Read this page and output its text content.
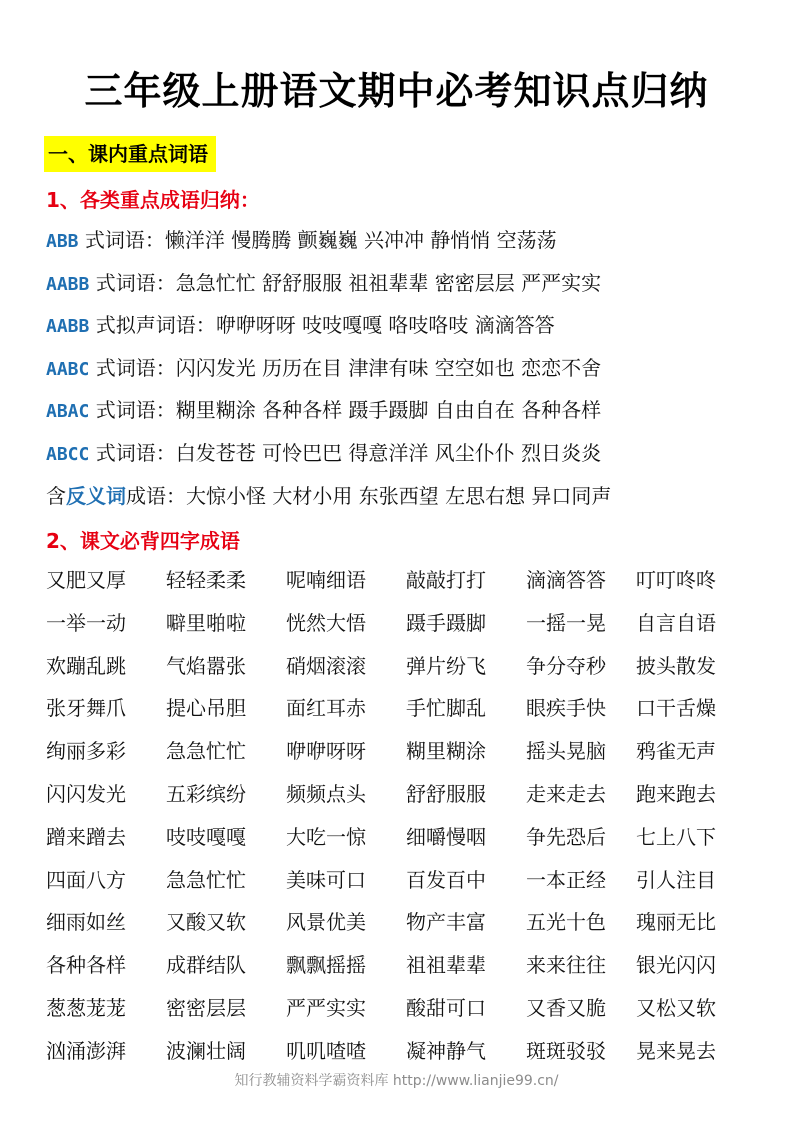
三年级上册语文期中必考知识点归纳
一、课内重点词语
1、各类重点成语归纳：
ABB 式词语：懒洋洋 慢腾腾 颤巍巍 兴冲冲 静悄悄 空荡荡
AABB 式词语：急急忙忙 舒舒服服 祖祖辈辈 密密层层 严严实实
AABB 式拟声词语：咿咿呀呀 吱吱嘎嘎 咯吱咯吱 滴滴答答
AABC 式词语：闪闪发光 历历在目 津津有味 空空如也 恋恋不舍
ABAC 式词语：糊里糊涂 各种各样 蹑手蹑脚 自由自在 各种各样
ABCC 式词语：白发苍苍 可怜巴巴 得意洋洋 风尘仆仆 烈日炎炎
含反义词成语：大惊小怪 大材小用 东张西望 左思右想 异口同声
2、课文必背四字成语
又肥又厚	轻轻柔柔	呢喃细语	敲敲打打	滴滴答答	叮叮咚咚
一举一动	噼里啪啦	恍然大悟	蹑手蹑脚	一摇一晃	自言自语
欢蹦乱跳	气焰嚣张	硝烟滚滚	弹片纷飞	争分夺秒	披头散发
张牙舞爪	提心吊胆	面红耳赤	手忙脚乱	眼疾手快	口干舌燥
绚丽多彩	急急忙忙	咿咿呀呀	糊里糊涂	摇头晃脑	鸦雀无声
闪闪发光	五彩缤纷	频频点头	舒舒服服	走来走去	跑来跑去
蹭来蹭去	吱吱嘎嘎	大吃一惊	细嚼慢咽	争先恐后	七上八下
四面八方	急急忙忙	美味可口	百发百中	一本正经	引人注目
细雨如丝	又酸又软	风景优美	物产丰富	五光十色	瑰丽无比
各种各样	成群结队	飘飘摇摇	祖祖辈辈	来来往往	银光闪闪
葱葱茏茏	密密层层	严严实实	酸甜可口	又香又脆	又松又软
汹涌澎湃	波澜壮阔	叽叽喳喳	凝神静气	斑斑驳驳	晃来晃去
知行教辅资料学霸资料库 http://www.lianjie99.cn/
